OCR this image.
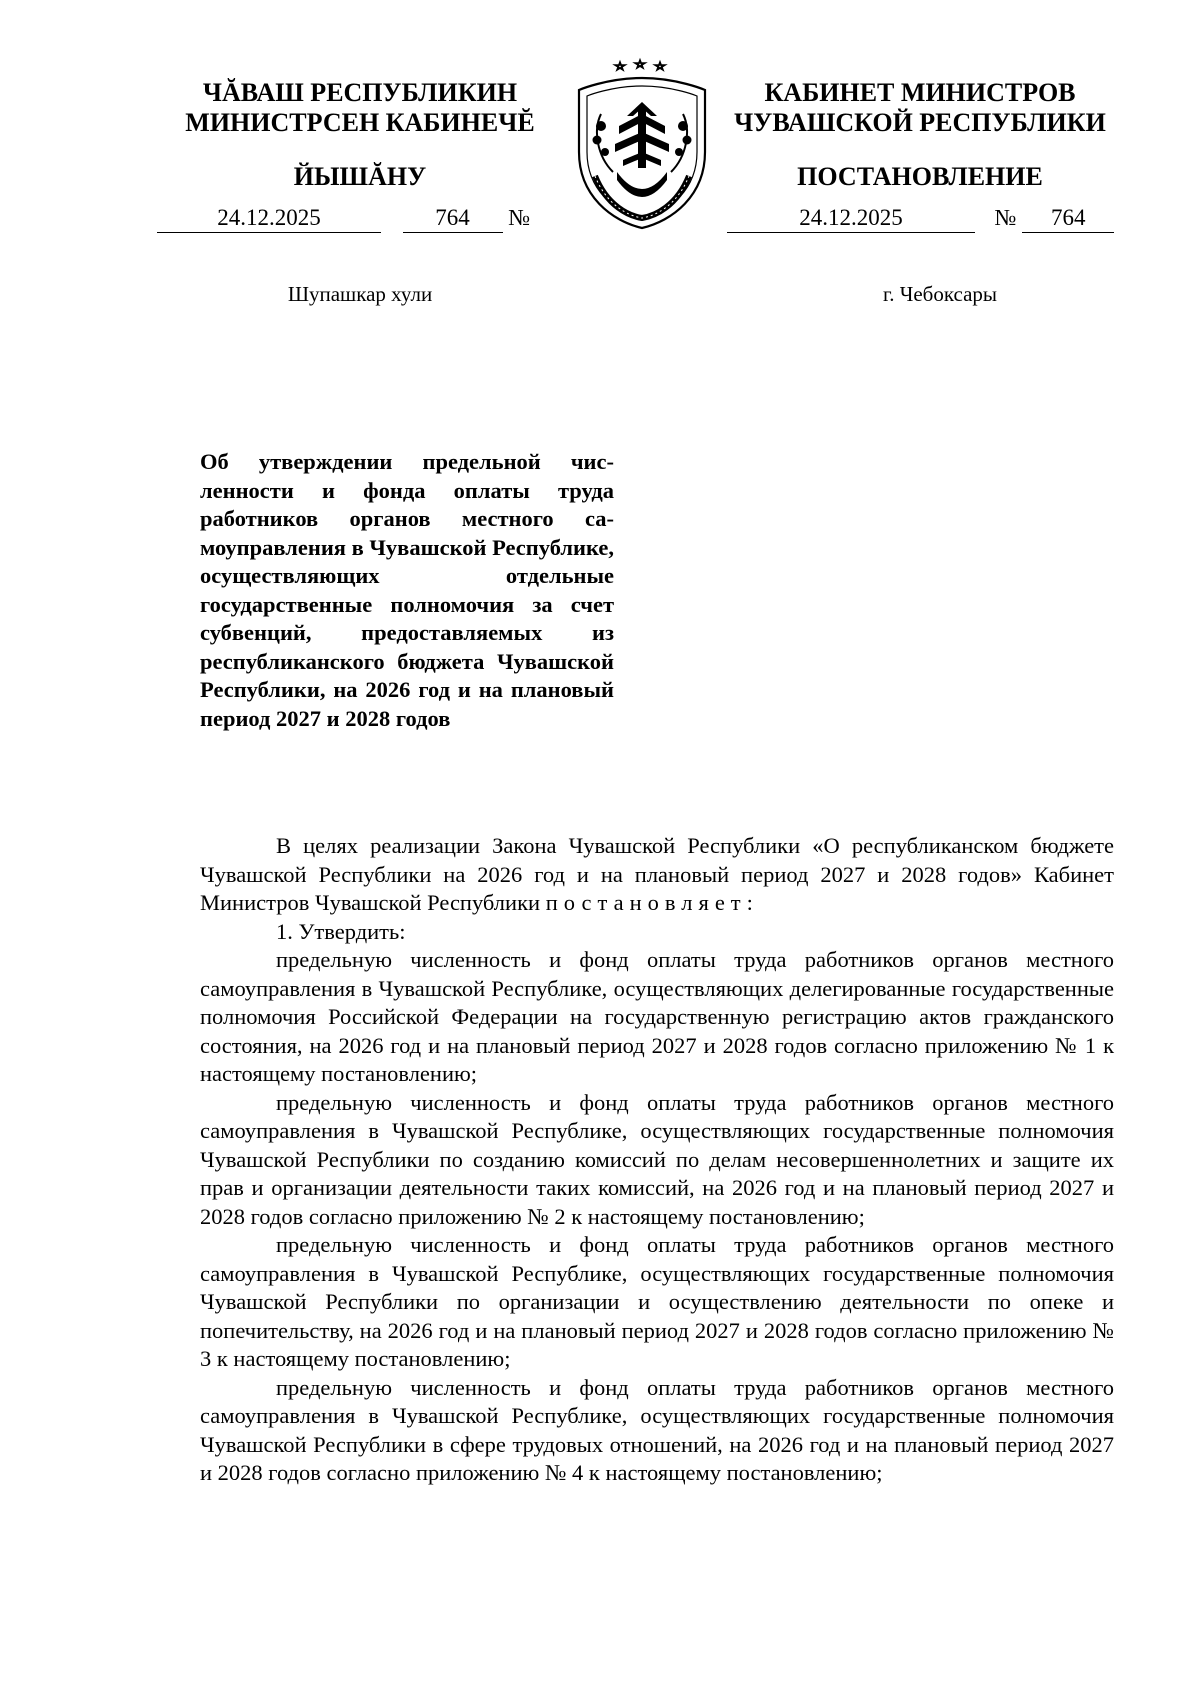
ЧĂВАШ РЕСПУБЛИКИН
МИНИСТРСЕН КАБИНЕЧĔ
ЙЫШĂНУ
КАБИНЕТ МИНИСТРОВ
ЧУВАШСКОЙ РЕСПУБЛИКИ
ПОСТАНОВЛЕНИЕ
24.12.2025	764 №	24.12.2025	№ 764
Шупашкар хули	г. Чебоксары
Об утверждении предельной численности и фонда оплаты труда работников органов местного самоуправления в Чувашской Республике, осуществляющих отдельные государственные полномочия за счет субвенций, предоставляемых из республиканского бюджета Чувашской Республики, на 2026 год и на плановый период 2027 и 2028 годов

В целях реализации Закона Чувашской Республики «О республиканском бюджете Чувашской Республики на 2026 год и на плановый период 2027 и 2028 годов» Кабинет Министров Чувашской Республики постановляет:

1. Утвердить:

предельную численность и фонд оплаты труда работников органов местного самоуправления в Чувашской Республике, осуществляющих делегированные государственные полномочия Российской Федерации на государственную регистрацию актов гражданского состояния, на 2026 год и на плановый период 2027 и 2028 годов согласно приложению № 1 к настоящему постановлению;

предельную численность и фонд оплаты труда работников органов местного самоуправления в Чувашской Республике, осуществляющих государственные полномочия Чувашской Республики по созданию комиссий по делам несовершеннолетних и защите их прав и организации деятельности таких комиссий, на 2026 год и на плановый период 2027 и 2028 годов согласно приложению № 2 к настоящему постановлению;

предельную численность и фонд оплаты труда работников органов местного самоуправления в Чувашской Республике, осуществляющих государственные полномочия Чувашской Республики по организации и осуществлению деятельности по опеке и попечительству, на 2026 год и на плановый период 2027 и 2028 годов согласно приложению № 3 к настоящему постановлению;

предельную численность и фонд оплаты труда работников органов местного самоуправления в Чувашской Республике, осуществляющих государственные полномочия Чувашской Республики в сфере трудовых отношений, на 2026 год и на плановый период 2027 и 2028 годов согласно приложению № 4 к настоящему постановлению;
